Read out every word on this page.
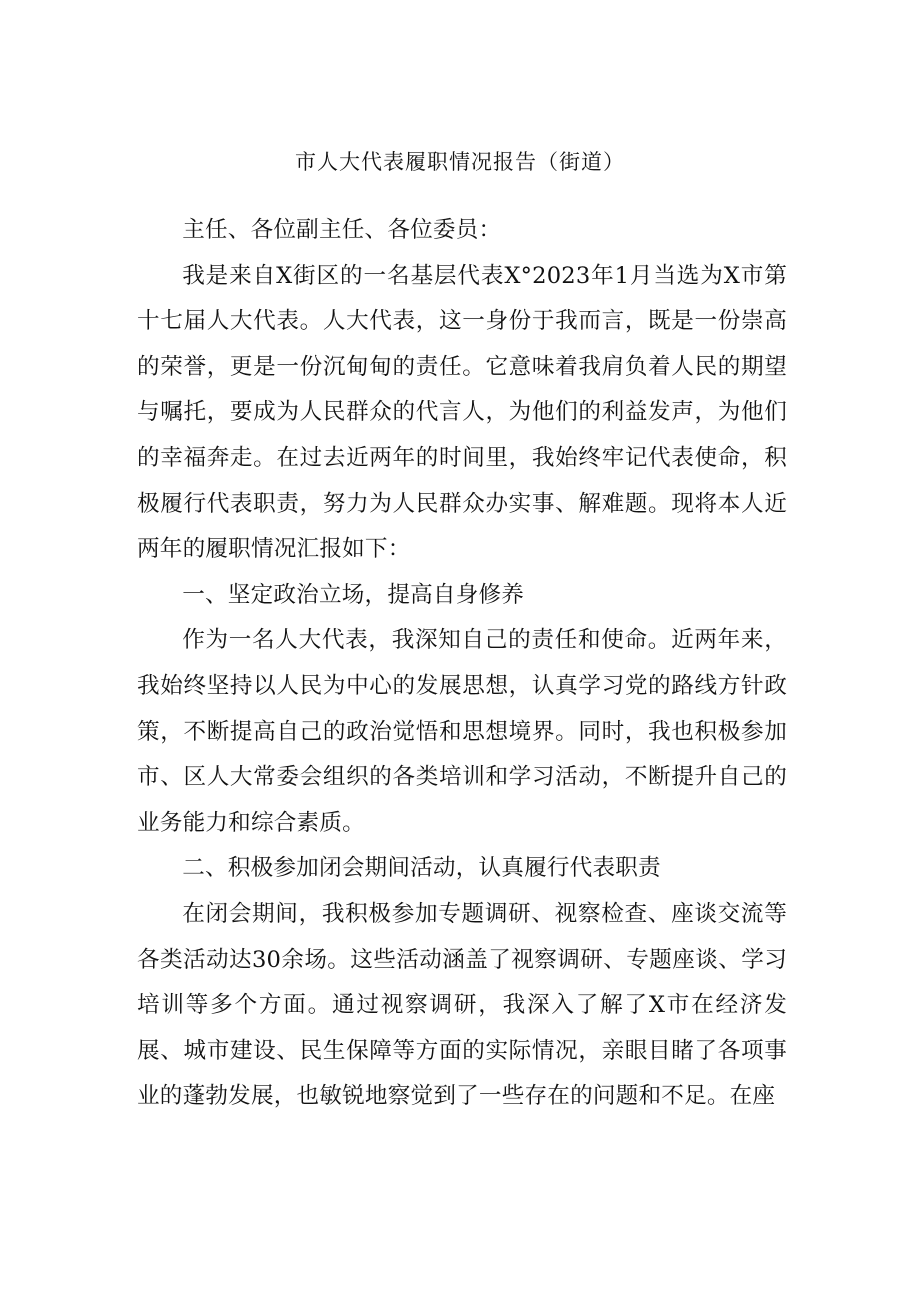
市人大代表履职情况报告（街道）

主任、各位副主任、各位委员：

我是来自X街区的一名基层代表X°2023年1月当选为X市第十七届人大代表。人大代表，这一身份于我而言，既是一份崇高的荣誉，更是一份沉甸甸的责任。它意味着我肩负着人民的期望与嘱托，要成为人民群众的代言人，为他们的利益发声，为他们的幸福奔走。在过去近两年的时间里，我始终牢记代表使命，积极履行代表职责，努力为人民群众办实事、解难题。现将本人近两年的履职情况汇报如下：

一、坚定政治立场，提高自身修养

作为一名人大代表，我深知自己的责任和使命。近两年来，我始终坚持以人民为中心的发展思想，认真学习党的路线方针政策，不断提高自己的政治觉悟和思想境界。同时，我也积极参加市、区人大常委会组织的各类培训和学习活动，不断提升自己的业务能力和综合素质。

二、积极参加闭会期间活动，认真履行代表职责

在闭会期间，我积极参加专题调研、视察检查、座谈交流等各类活动达30余场。这些活动涵盖了视察调研、专题座谈、学习培训等多个方面。通过视察调研，我深入了解了X市在经济发展、城市建设、民生保障等方面的实际情况，亲眼目睹了各项事业的蓬勃发展，也敏锐地察觉到了一些存在的问题和不足。在座
